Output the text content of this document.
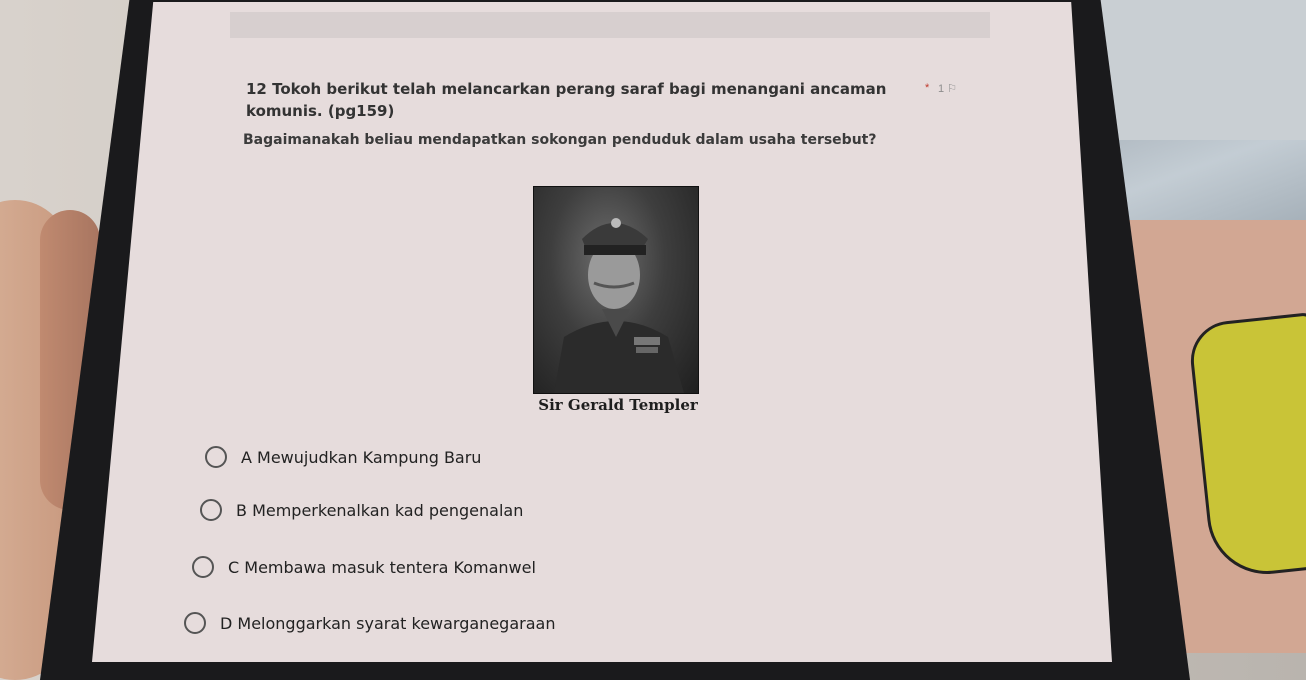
12 Tokoh berikut telah melancarkan perang saraf bagi menangani ancaman komunis. (pg159)

* 1 ⚐
Bagaimanakah beliau mendapatkan sokongan penduduk dalam usaha tersebut?
Sir Gerald Templer
A Mewujudkan Kampung Baru
B Memperkenalkan kad pengenalan
C Membawa masuk tentera Komanwel
D Melonggarkan syarat kewarganegaraan
